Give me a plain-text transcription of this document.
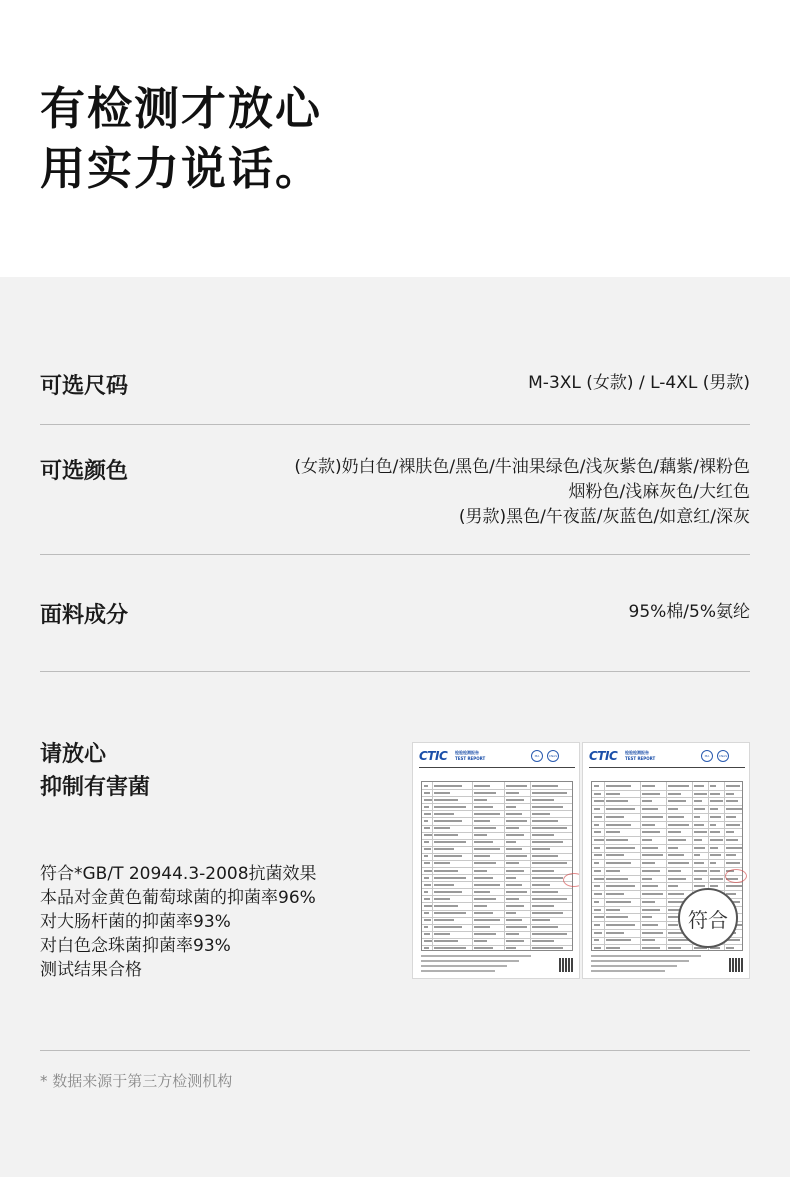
有检测才放心
用实力说话。
可选尺码	M-3XL (女款) / L-4XL (男款)
可选颜色	(女款)奶白色/裸肤色/黑色/牛油果绿色/浅灰紫色/藕紫/裸粉色
烟粉色/浅麻灰色/大红色
(男款)黑色/午夜蓝/灰蓝色/如意红/深灰
面料成分	95%棉/5%氨纶
请放心
抑制有害菌
符合*GB/T 20944.3-2008抗菌效果
本品对金黄色葡萄球菌的抑菌率96%
对大肠杆菌的抑菌率93%
对白色念珠菌抑菌率93%
测试结果合格
CTIC 检验检测报告
TEST REPORT	MA	CNAS	CTIC 检验检测报告
TEST REPORT	MA	CNAS
符合
* 数据来源于第三方检测机构
